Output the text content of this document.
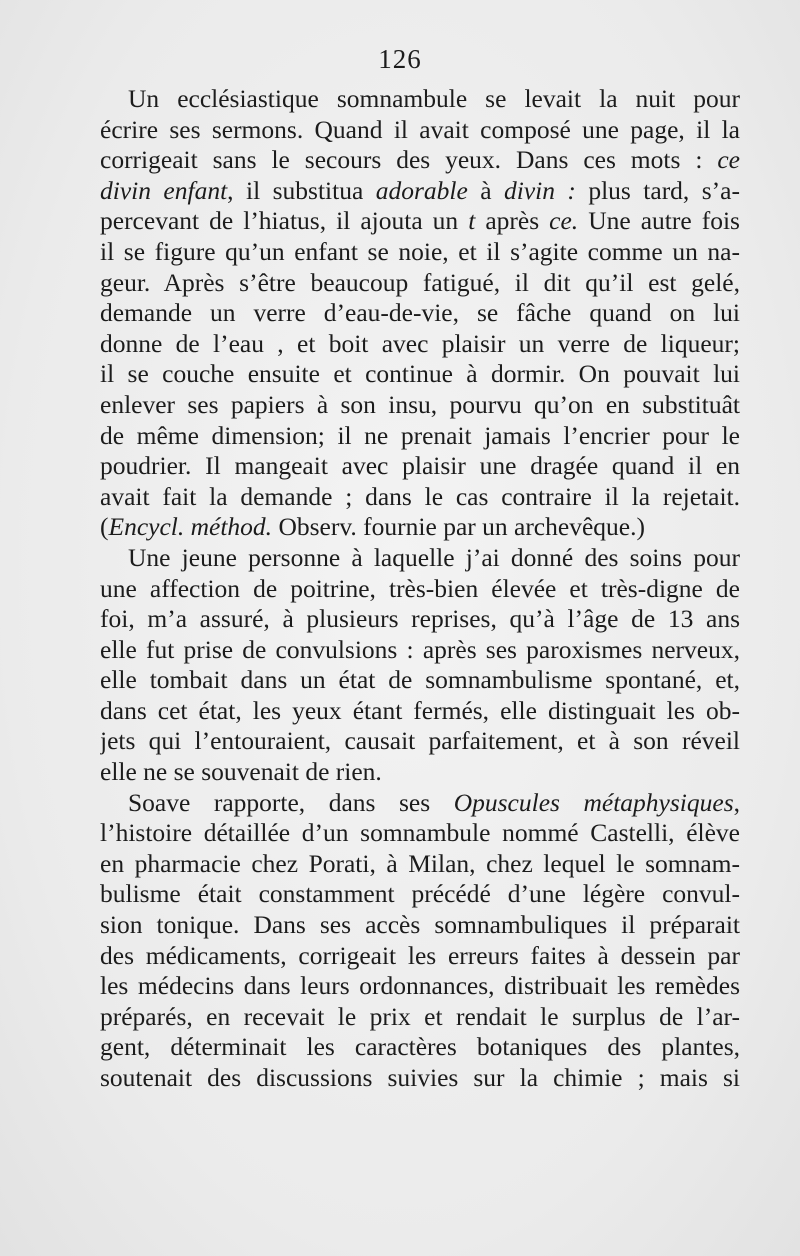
126
Un ecclésiastique somnambule se levait la nuit pour
écrire ses sermons. Quand il avait composé une page, il la
corrigeait sans le secours des yeux. Dans ces mots : ce
divin enfant, il substitua adorable à divin : plus tard, s’a-
percevant de l’hiatus, il ajouta un t après ce. Une autre fois
il se figure qu’un enfant se noie, et il s’agite comme un na-
geur. Après s’être beaucoup fatigué, il dit qu’il est gelé,
demande un verre d’eau-de-vie, se fâche quand on lui
donne de l’eau , et boit avec plaisir un verre de liqueur;
il se couche ensuite et continue à dormir. On pouvait lui
enlever ses papiers à son insu, pourvu qu’on en substituât
de même dimension; il ne prenait jamais l’encrier pour le
poudrier. Il mangeait avec plaisir une dragée quand il en
avait fait la demande ; dans le cas contraire il la rejetait.
(Encycl. méthod. Observ. fournie par un archevêque.)
Une jeune personne à laquelle j’ai donné des soins pour
une affection de poitrine, très-bien élevée et très-digne de
foi, m’a assuré, à plusieurs reprises, qu’à l’âge de 13 ans
elle fut prise de convulsions : après ses paroxismes nerveux,
elle tombait dans un état de somnambulisme spontané, et,
dans cet état, les yeux étant fermés, elle distinguait les ob-
jets qui l’entouraient, causait parfaitement, et à son réveil
elle ne se souvenait de rien.
Soave rapporte, dans ses Opuscules métaphysiques,
l’histoire détaillée d’un somnambule nommé Castelli, élève
en pharmacie chez Porati, à Milan, chez lequel le somnam-
bulisme était constamment précédé d’une légère convul-
sion tonique. Dans ses accès somnambuliques il préparait
des médicaments, corrigeait les erreurs faites à dessein par
les médecins dans leurs ordonnances, distribuait les remèdes
préparés, en recevait le prix et rendait le surplus de l’ar-
gent, déterminait les caractères botaniques des plantes,
soutenait des discussions suivies sur la chimie ; mais si
